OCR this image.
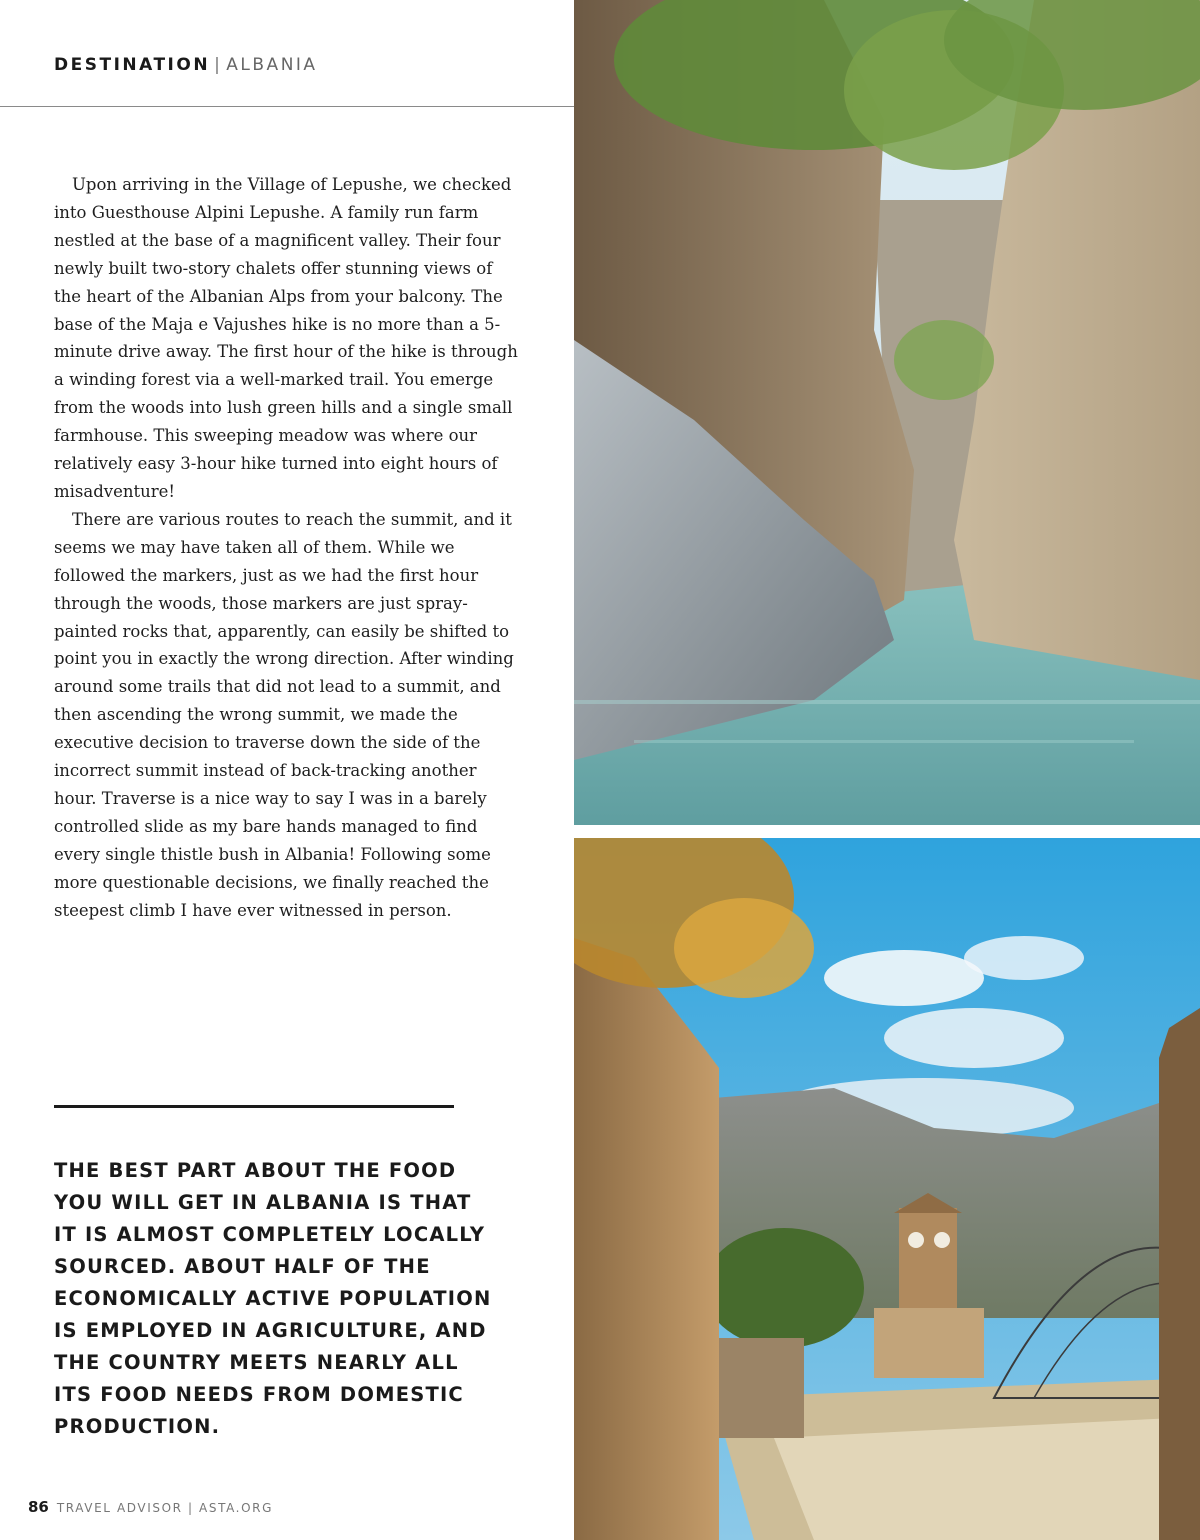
DESTINATION | ALBANIA

Upon arriving in the Village of Lepushe, we checked into Guesthouse Alpini Lepushe. A family run farm nestled at the base of a magnificent valley. Their four newly built two-story chalets offer stunning views of the heart of the Albanian Alps from your balcony. The base of the Maja e Vajushes hike is no more than a 5-minute drive away. The first hour of the hike is through a winding forest via a well-marked trail. You emerge from the woods into lush green hills and a single small farmhouse. This sweeping meadow was where our relatively easy 3-hour hike turned into eight hours of misadventure!

There are various routes to reach the summit, and it seems we may have taken all of them. While we followed the markers, just as we had the first hour through the woods, those markers are just spray-painted rocks that, apparently, can easily be shifted to point you in exactly the wrong direction. After winding around some trails that did not lead to a summit, and then ascending the wrong summit, we made the executive decision to traverse down the side of the incorrect summit instead of back-tracking another hour. Traverse is a nice way to say I was in a barely controlled slide as my bare hands managed to find every single thistle bush in Albania! Following some more questionable decisions, we finally reached the steepest climb I have ever witnessed in person.

THE BEST PART ABOUT THE FOOD YOU WILL GET IN ALBANIA IS THAT IT IS ALMOST COMPLETELY LOCALLY SOURCED. ABOUT HALF OF THE ECONOMICALLY ACTIVE POPULATION IS EMPLOYED IN AGRICULTURE, AND THE COUNTRY MEETS NEARLY ALL ITS FOOD NEEDS FROM DOMESTIC PRODUCTION.
86 TRAVEL ADVISOR | ASTA.ORG
